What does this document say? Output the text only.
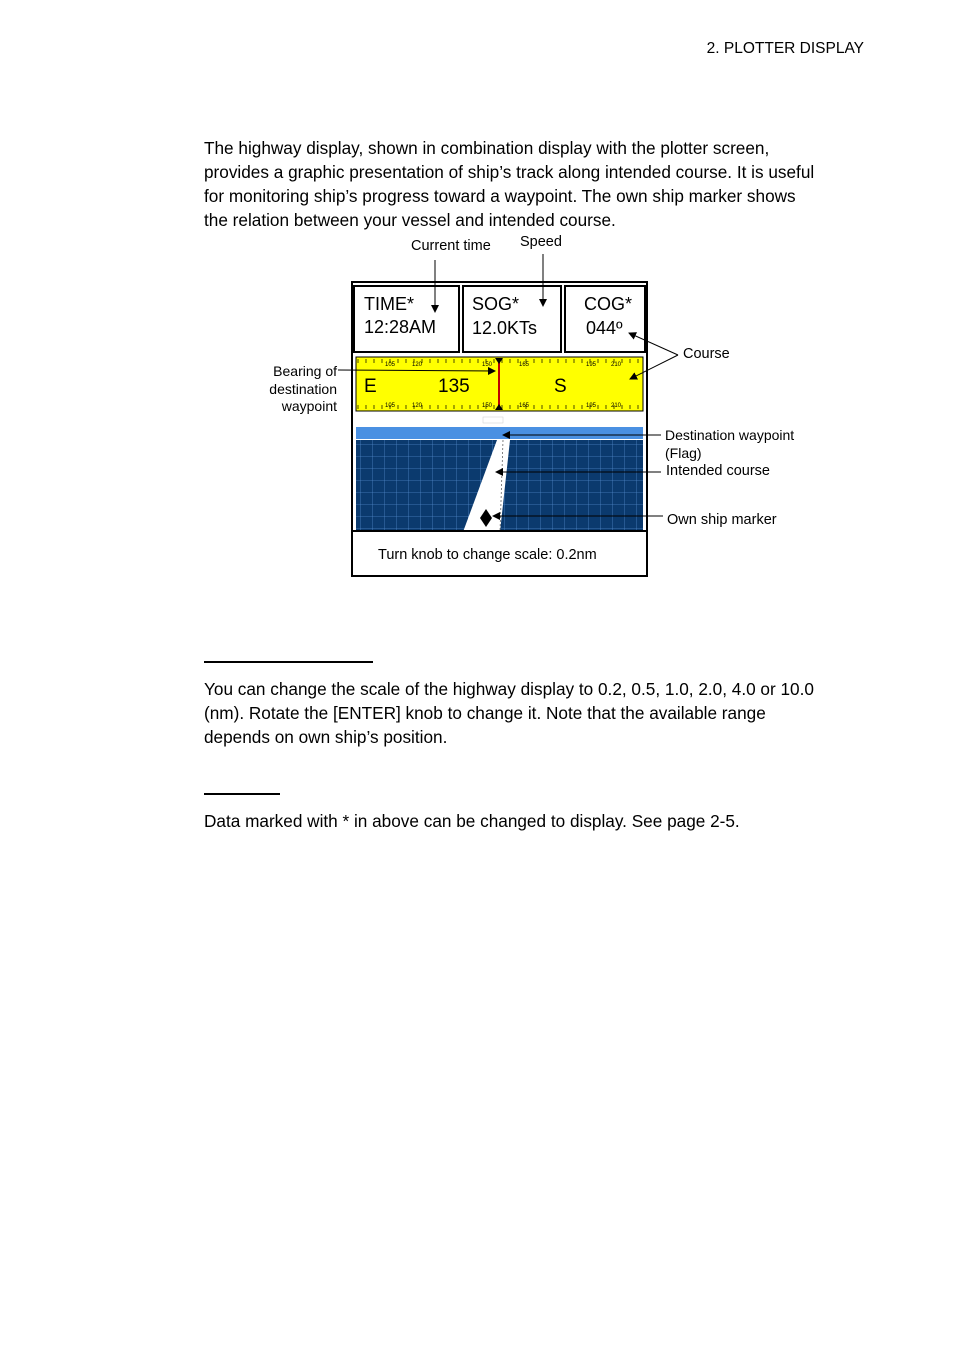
2. PLOTTER DISPLAY
The highway display, shown in combination display with the plotter screen,
provides a graphic presentation of ship’s track along intended course. It is useful
for monitoring ship’s progress toward a waypoint. The own ship marker shows
the relation between your vessel and intended course.
Current time Speed
Course
Bearing of
destination
waypoint
Destination waypoint
(Flag)
Intended course
Own ship marker
TIME*
12:28AM
SOG*
12.0KTs
COG*
044º
105	120	150	165	195 210
105	120	150	165	195 210
E	135	S
Turn knob to change scale: 0.2nm
You can change the scale of the highway display to 0.2, 0.5, 1.0, 2.0, 4.0 or 10.0
(nm). Rotate the [ENTER] knob to change it. Note that the available range
depends on own ship’s position.
Data marked with * in above can be changed to display. See page 2-5.
